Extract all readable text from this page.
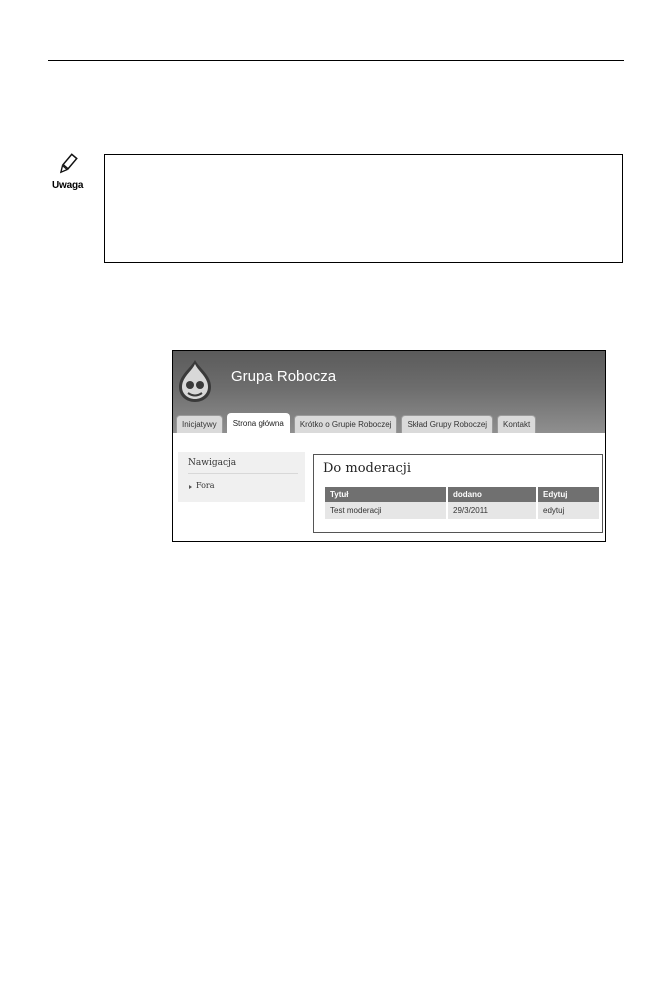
Uwaga
Grupa Robocza
Inicjatywy	Strona główna	Krótko o Grupie Roboczej	Skład Grupy Roboczej	Kontakt
Nawigacja
Fora
Do moderacji
Tytuł	dodano	Edytuj
Test moderacji	29/3/2011	edytuj
